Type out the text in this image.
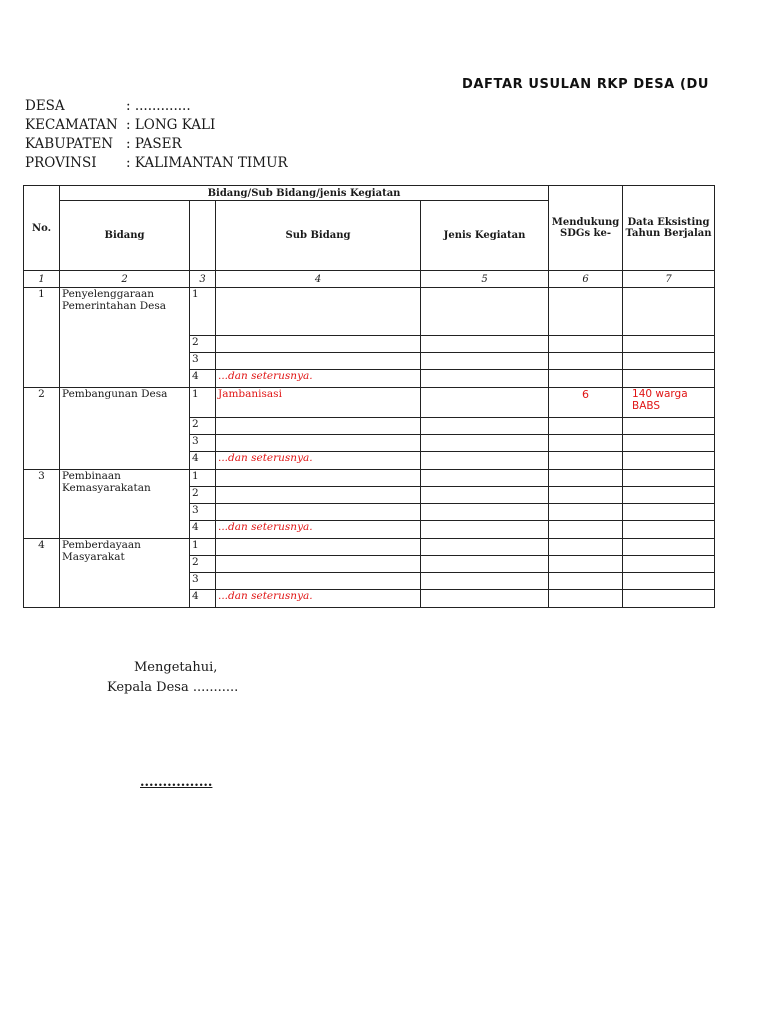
DAFTAR USULAN RKP DESA (DU
DESA	: .............
KECAMATAN : LONG KALI
KABUPATEN : PASER
PROVINSI	: KALIMANTAN TIMUR
No.	Bidang/Sub Bidang/jenis Kegiatan				Mendukung SDGs ke-	Data Eksisting Tahun Berjalan
	Bidang		Sub Bidang	Jenis Kegiatan		
1	2	3	4	5	6	7
1	Penyelenggaraan Pemerintahan Desa	1				
		2				
		3				
		4	...dan seterusnya.			
2	Pembangunan Desa	1	Jambanisasi		6	140 warga BABS
		2				
		3				
		4	...dan seterusnya.			
3	Pembinaan Kemasyarakatan	1				
		2				
		3				
		4	...dan seterusnya.			
4	Pemberdayaan Masyarakat	1				
		2				
		3				
		4	...dan seterusnya.			
Mengetahui,
Kepala Desa ...........
................
